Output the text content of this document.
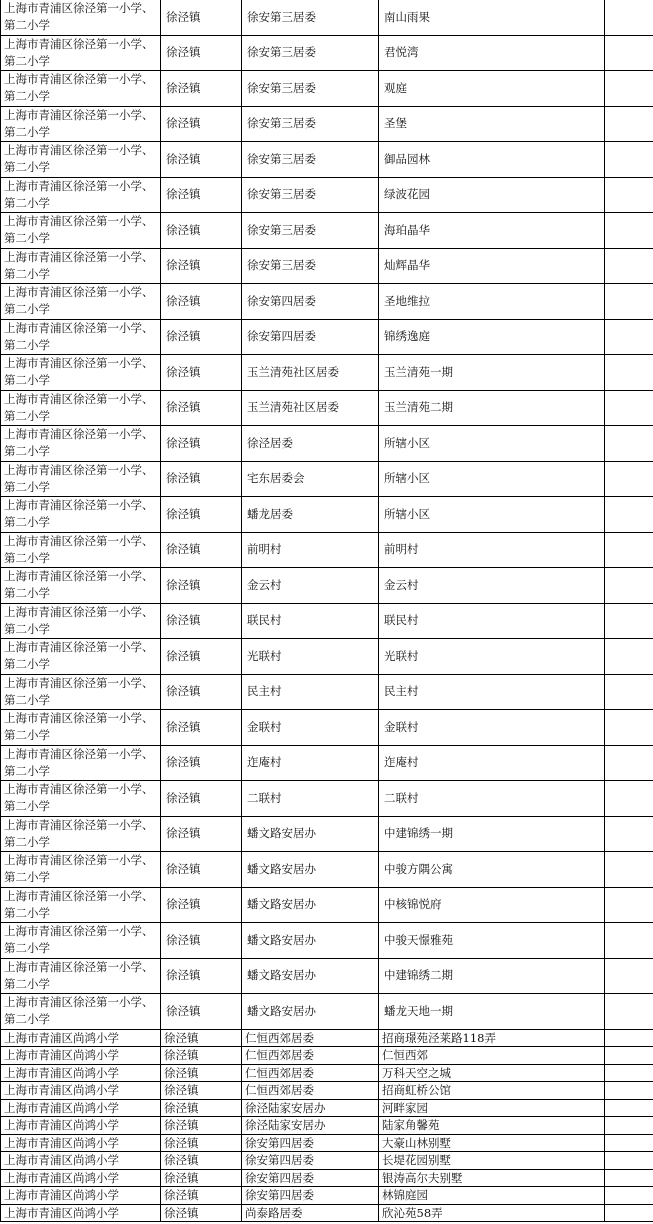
上海市青浦区徐泾第一小学、第二小学	徐泾镇	徐安第三居委	南山雨果	
上海市青浦区徐泾第一小学、第二小学	徐泾镇	徐安第三居委	君悦湾	
上海市青浦区徐泾第一小学、第二小学	徐泾镇	徐安第三居委	观庭	
上海市青浦区徐泾第一小学、第二小学	徐泾镇	徐安第三居委	圣堡	
上海市青浦区徐泾第一小学、第二小学	徐泾镇	徐安第三居委	御品园林	
上海市青浦区徐泾第一小学、第二小学	徐泾镇	徐安第三居委	绿波花园	
上海市青浦区徐泾第一小学、第二小学	徐泾镇	徐安第三居委	海珀晶华	
上海市青浦区徐泾第一小学、第二小学	徐泾镇	徐安第三居委	灿辉晶华	
上海市青浦区徐泾第一小学、第二小学	徐泾镇	徐安第四居委	圣地维拉	
上海市青浦区徐泾第一小学、第二小学	徐泾镇	徐安第四居委	锦绣逸庭	
上海市青浦区徐泾第一小学、第二小学	徐泾镇	玉兰清苑社区居委	玉兰清苑一期	
上海市青浦区徐泾第一小学、第二小学	徐泾镇	玉兰清苑社区居委	玉兰清苑二期	
上海市青浦区徐泾第一小学、第二小学	徐泾镇	徐泾居委	所辖小区	
上海市青浦区徐泾第一小学、第二小学	徐泾镇	宅东居委会	所辖小区	
上海市青浦区徐泾第一小学、第二小学	徐泾镇	蟠龙居委	所辖小区	
上海市青浦区徐泾第一小学、第二小学	徐泾镇	前明村	前明村	
上海市青浦区徐泾第一小学、第二小学	徐泾镇	金云村	金云村	
上海市青浦区徐泾第一小学、第二小学	徐泾镇	联民村	联民村	
上海市青浦区徐泾第一小学、第二小学	徐泾镇	光联村	光联村	
上海市青浦区徐泾第一小学、第二小学	徐泾镇	民主村	民主村	
上海市青浦区徐泾第一小学、第二小学	徐泾镇	金联村	金联村	
上海市青浦区徐泾第一小学、第二小学	徐泾镇	迮庵村	迮庵村	
上海市青浦区徐泾第一小学、第二小学	徐泾镇	二联村	二联村	
上海市青浦区徐泾第一小学、第二小学	徐泾镇	蟠文路安居办	中建锦绣一期	
上海市青浦区徐泾第一小学、第二小学	徐泾镇	蟠文路安居办	中骏方隅公寓	
上海市青浦区徐泾第一小学、第二小学	徐泾镇	蟠文路安居办	中核锦悦府	
上海市青浦区徐泾第一小学、第二小学	徐泾镇	蟠文路安居办	中骏天憬雅苑	
上海市青浦区徐泾第一小学、第二小学	徐泾镇	蟠文路安居办	中建锦绣二期	
上海市青浦区徐泾第一小学、第二小学	徐泾镇	蟠文路安居办	蟠龙天地一期	
上海市青浦区尚鸿小学	徐泾镇	仁恒西郊居委	招商璟苑泾莱路118弄	
上海市青浦区尚鸿小学	徐泾镇	仁恒西郊居委	仁恒西郊	
上海市青浦区尚鸿小学	徐泾镇	仁恒西郊居委	万科天空之城	
上海市青浦区尚鸿小学	徐泾镇	仁恒西郊居委	招商虹桥公馆	
上海市青浦区尚鸿小学	徐泾镇	徐泾陆家安居办	河畔家园	
上海市青浦区尚鸿小学	徐泾镇	徐泾陆家安居办	陆家角馨苑	
上海市青浦区尚鸿小学	徐泾镇	徐安第四居委	大豪山林别墅	
上海市青浦区尚鸿小学	徐泾镇	徐安第四居委	长堤花园别墅	
上海市青浦区尚鸿小学	徐泾镇	徐安第四居委	银涛高尔夫别墅	
上海市青浦区尚鸿小学	徐泾镇	徐安第四居委	林锦庭园	
上海市青浦区尚鸿小学	徐泾镇	尚泰路居委	欣沁苑58弄	
